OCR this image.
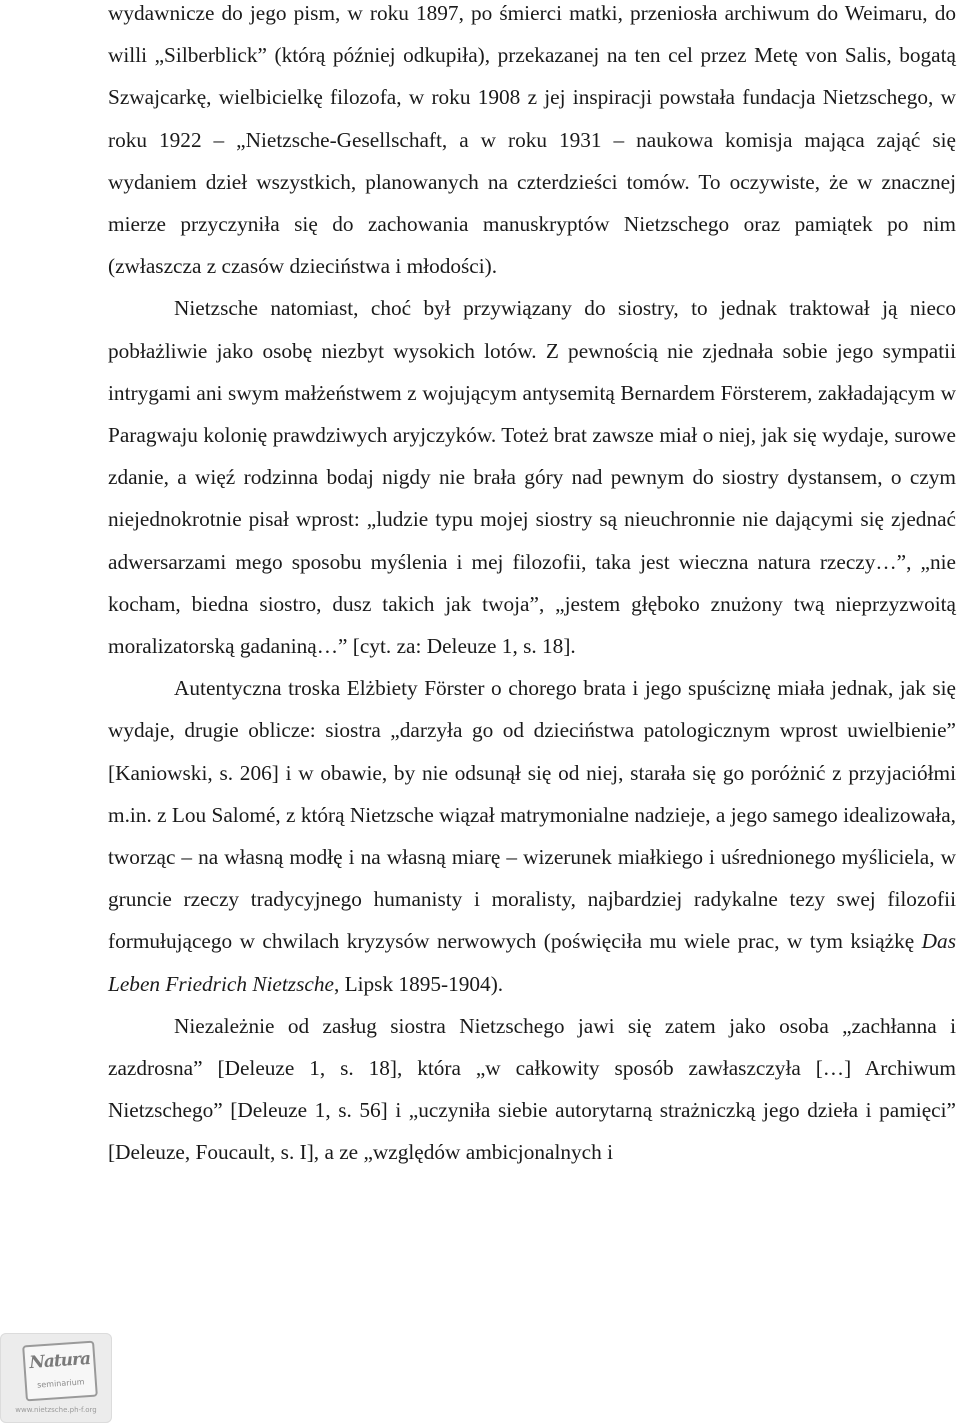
wydawnicze do jego pism, w roku 1897, po śmierci matki, przeniosła archiwum do Weimaru, do willi „Silberblick” (którą później odkupiła), przekazanej na ten cel przez Metę von Salis, bogatą Szwajcarkę, wielbicielkę filozofa, w roku 1908 z jej inspiracji powstała fundacja Nietzschego, w roku 1922 – „Nietzsche-Gesellschaft, a w roku 1931 – naukowa komisja mająca zająć się wydaniem dzieł wszystkich, planowanych na czterdzieści tomów. To oczywiste, że w znacznej mierze przyczyniła się do zachowania manuskryptów Nietzschego oraz pamiątek po nim (zwłaszcza z czasów dzieciństwa i młodości).

Nietzsche natomiast, choć był przywiązany do siostry, to jednak traktował ją nieco pobłażliwie jako osobę niezbyt wysokich lotów. Z pewnością nie zjednała sobie jego sympatii intrygami ani swym małżeństwem z wojującym antysemitą Bernardem Försterem, zakładającym w Paragwaju kolonię prawdziwych aryjczyków. Toteż brat zawsze miał o niej, jak się wydaje, surowe zdanie, a więź rodzinna bodaj nigdy nie brała góry nad pewnym do siostry dystansem, o czym niejednokrotnie pisał wprost: „ludzie typu mojej siostry są nieuchronnie nie dającymi się zjednać adwersarzami mego sposobu myślenia i mej filozofii, taka jest wieczna natura rzeczy…”, „nie kocham, biedna siostro, dusz takich jak twoja”, „jestem głęboko znużony twą nieprzyzwoitą moralizatorską gadaniną…” [cyt. za: Deleuze 1, s. 18].

Autentyczna troska Elżbiety Förster o chorego brata i jego spuściznę miała jednak, jak się wydaje, drugie oblicze: siostra „darzyła go od dzieciństwa patologicznym wprost uwielbienie” [Kaniowski, s. 206] i w obawie, by nie odsunął się od niej, starała się go poróżnić z przyjaciółmi m.in. z Lou Salomé, z którą Nietzsche wiązał matrymonialne nadzieje, a jego samego idealizowała, tworząc – na własną modłę i na własną miarę – wizerunek miałkiego i uśrednionego myśliciela, w gruncie rzeczy tradycyjnego humanisty i moralisty, najbardziej radykalne tezy swej filozofii formułującego w chwilach kryzysów nerwowych (poświęciła mu wiele prac, w tym książkę Das Leben Friedrich Nietzsche, Lipsk 1895-1904).

Niezależnie od zasług siostra Nietzschego jawi się zatem jako osoba „zachłanna i zazdrosna” [Deleuze 1, s. 18], która „w całkowity sposób zawłaszczyła […] Archiwum Nietzschego” [Deleuze 1, s. 56] i „uczyniła siebie autorytarną strażniczką jego dzieła i pamięci” [Deleuze, Foucault, s. I], a ze „względów ambicjonalnych i

Natura
seminarium
www.nietzsche.ph-f.org
